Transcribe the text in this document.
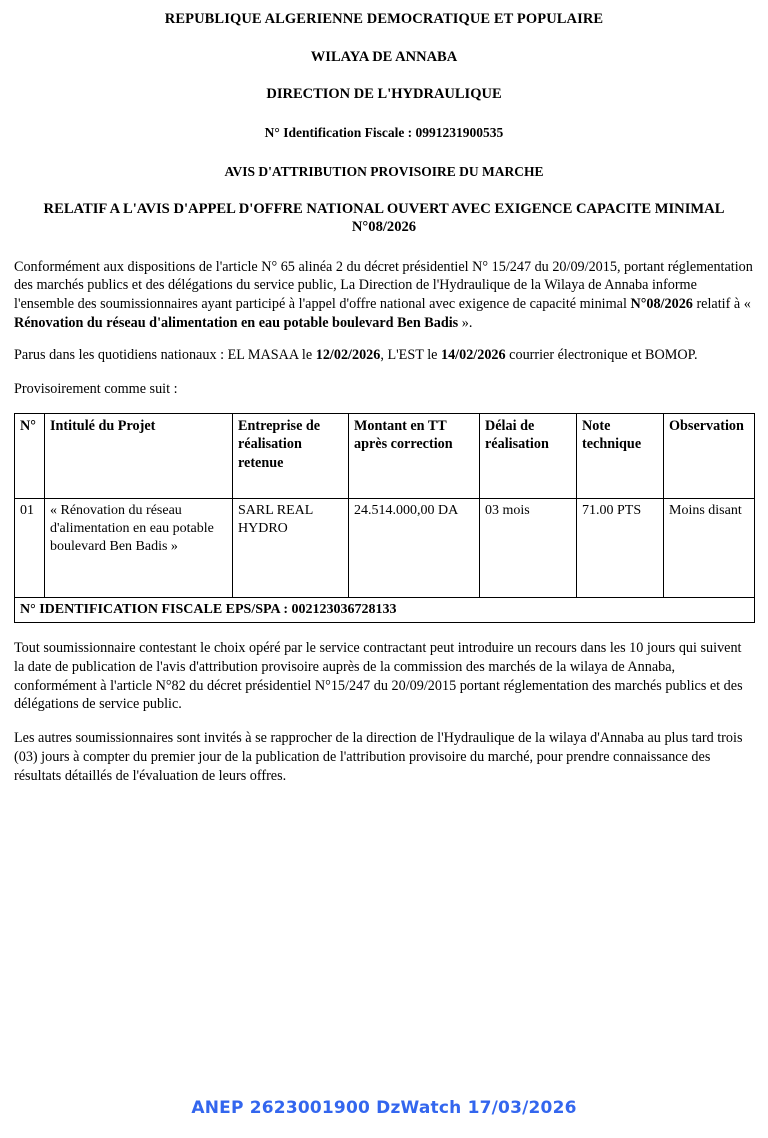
REPUBLIQUE ALGERIENNE DEMOCRATIQUE ET POPULAIRE
WILAYA DE ANNABA
DIRECTION DE L'HYDRAULIQUE
N° Identification Fiscale : 0991231900535
AVIS D'ATTRIBUTION PROVISOIRE DU MARCHE
RELATIF A L'AVIS D'APPEL D'OFFRE NATIONAL OUVERT AVEC EXIGENCE CAPACITE MINIMAL N°08/2026

Conformément aux dispositions de l'article N° 65 alinéa 2 du décret présidentiel N° 15/247 du 20/09/2015, portant réglementation des marchés publics et des délégations du service public, La Direction de l'Hydraulique de la Wilaya de Annaba informe l'ensemble des soumissionnaires ayant participé à l'appel d'offre national avec exigence de capacité minimal N°08/2026 relatif à « Rénovation du réseau d'alimentation en eau potable boulevard Ben Badis ».

Parus dans les quotidiens nationaux : EL MASAA le 12/02/2026, L'EST le 14/02/2026 courrier électronique et BOMOP.

Provisoirement comme suit :

N°	Intitulé du Projet	Entreprise de réalisation retenue	Montant en TT après correction	Délai de réalisation	Note technique	Observation
01	« Rénovation du réseau d'alimentation en eau potable boulevard Ben Badis »	SARL REAL HYDRO	24.514.000,00 DA	03 mois	71.00 PTS	Moins disant
N° IDENTIFICATION FISCALE EPS/SPA : 002123036728133						

Tout soumissionnaire contestant le choix opéré par le service contractant peut introduire un recours dans les 10 jours qui suivent la date de publication de l'avis d'attribution provisoire auprès de la commission des marchés de la wilaya de Annaba, conformément à l'article N°82 du décret présidentiel N°15/247 du 20/09/2015 portant réglementation des marchés publics et des délégations de service public.

Les autres soumissionnaires sont invités à se rapprocher de la direction de l'Hydraulique de la wilaya d'Annaba au plus tard trois (03) jours à compter du premier jour de la publication de l'attribution provisoire du marché, pour prendre connaissance des résultats détaillés de l'évaluation de leurs offres.

ANEP 2623001900 DzWatch 17/03/2026
